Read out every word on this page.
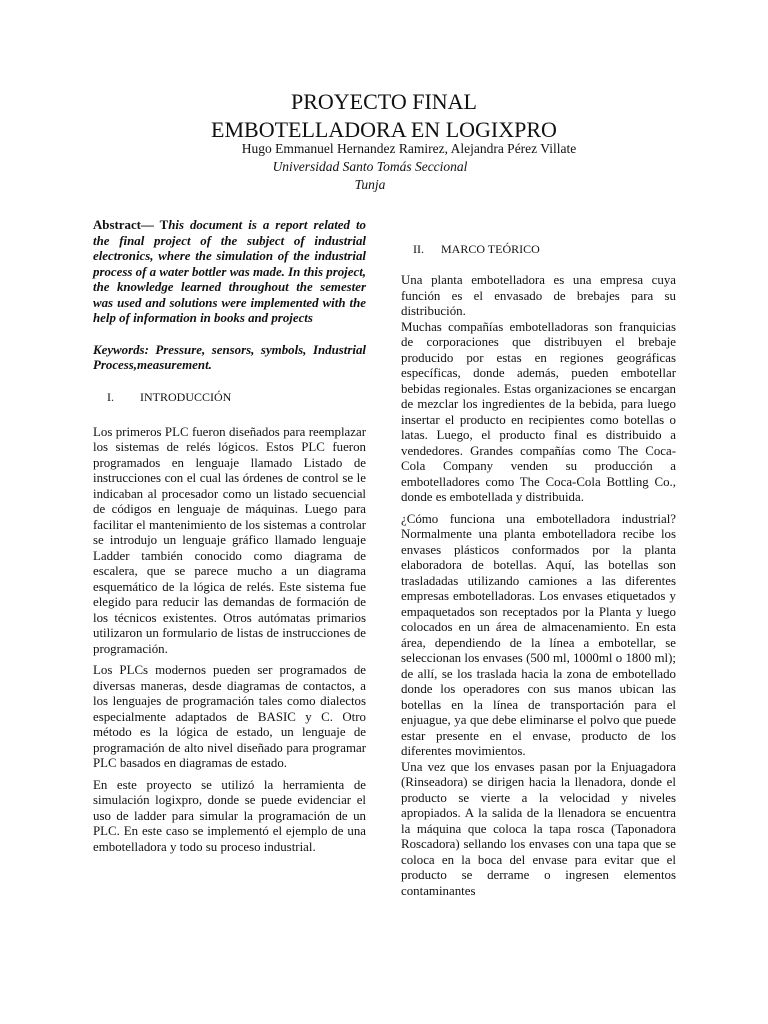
PROYECTO FINAL
EMBOTELLADORA EN LOGIXPRO
Hugo Emmanuel Hernandez Ramirez, Alejandra Pérez Villate
Universidad Santo Tomás Seccional
Tunja

Abstract— This document is a report related to the final project of the subject of industrial electronics, where the simulation of the industrial process of a water bottler was made. In this project, the knowledge learned throughout the semester was used and solutions were implemented with the help of information in books and projects

Keywords: Pressure, sensors, symbols, Industrial Process,measurement.

I. INTRODUCCIÓN

Los primeros PLC fueron diseñados para reemplazar los sistemas de relés lógicos. Estos PLC fueron programados en lenguaje llamado Listado de instrucciones con el cual las órdenes de control se le indicaban al procesador como un listado secuencial de códigos en lenguaje de máquinas. Luego para facilitar el mantenimiento de los sistemas a controlar se introdujo un lenguaje gráfico llamado lenguaje Ladder también conocido como diagrama de escalera, que se parece mucho a un diagrama esquemático de la lógica de relés. Este sistema fue elegido para reducir las demandas de formación de los técnicos existentes. Otros autómatas primarios utilizaron un formulario de listas de instrucciones de programación.

Los PLCs modernos pueden ser programados de diversas maneras, desde diagramas de contactos, a los lenguajes de programación tales como dialectos especialmente adaptados de BASIC y C. Otro método es la lógica de estado, un lenguaje de programación de alto nivel diseñado para programar PLC basados en diagramas de estado.

En este proyecto se utilizó la herramienta de simulación logixpro, donde se puede evidenciar el uso de ladder para simular la programación de un PLC. En este caso se implementó el ejemplo de una embotelladora y todo su proceso industrial.

II. MARCO TEÓRICO

Una planta embotelladora es una empresa cuya función es el envasado de brebajes para su distribución.

Muchas compañías embotelladoras son franquicias de corporaciones que distribuyen el brebaje producido por estas en regiones geográficas específicas, donde además, pueden embotellar bebidas regionales. Estas organizaciones se encargan de mezclar los ingredientes de la bebida, para luego insertar el producto en recipientes como botellas o latas. Luego, el producto final es distribuido a vendedores. Grandes compañías como The Coca-Cola Company venden su producción a embotelladores como The Coca-Cola Bottling Co., donde es embotellada y distribuida.

¿Cómo funciona una embotelladora industrial? Normalmente una planta embotelladora recibe los envases plásticos conformados por la planta elaboradora de botellas. Aquí, las botellas son trasladadas utilizando camiones a las diferentes empresas embotelladoras. Los envases etiquetados y empaquetados son receptados por la Planta y luego colocados en un área de almacenamiento. En esta área, dependiendo de la línea a embotellar, se seleccionan los envases (500 ml, 1000ml o 1800 ml); de allí, se los traslada hacia la zona de embotellado donde los operadores con sus manos ubican las botellas en la línea de transportación para el enjuague, ya que debe eliminarse el polvo que puede estar presente en el envase, producto de los diferentes movimientos.

Una vez que los envases pasan por la Enjuagadora (Rinseadora) se dirigen hacia la llenadora, donde el producto se vierte a la velocidad y niveles apropiados. A la salida de la llenadora se encuentra la máquina que coloca la tapa rosca (Taponadora Roscadora) sellando los envases con una tapa que se coloca en la boca del envase para evitar que el producto se derrame o ingresen elementos contaminantes
